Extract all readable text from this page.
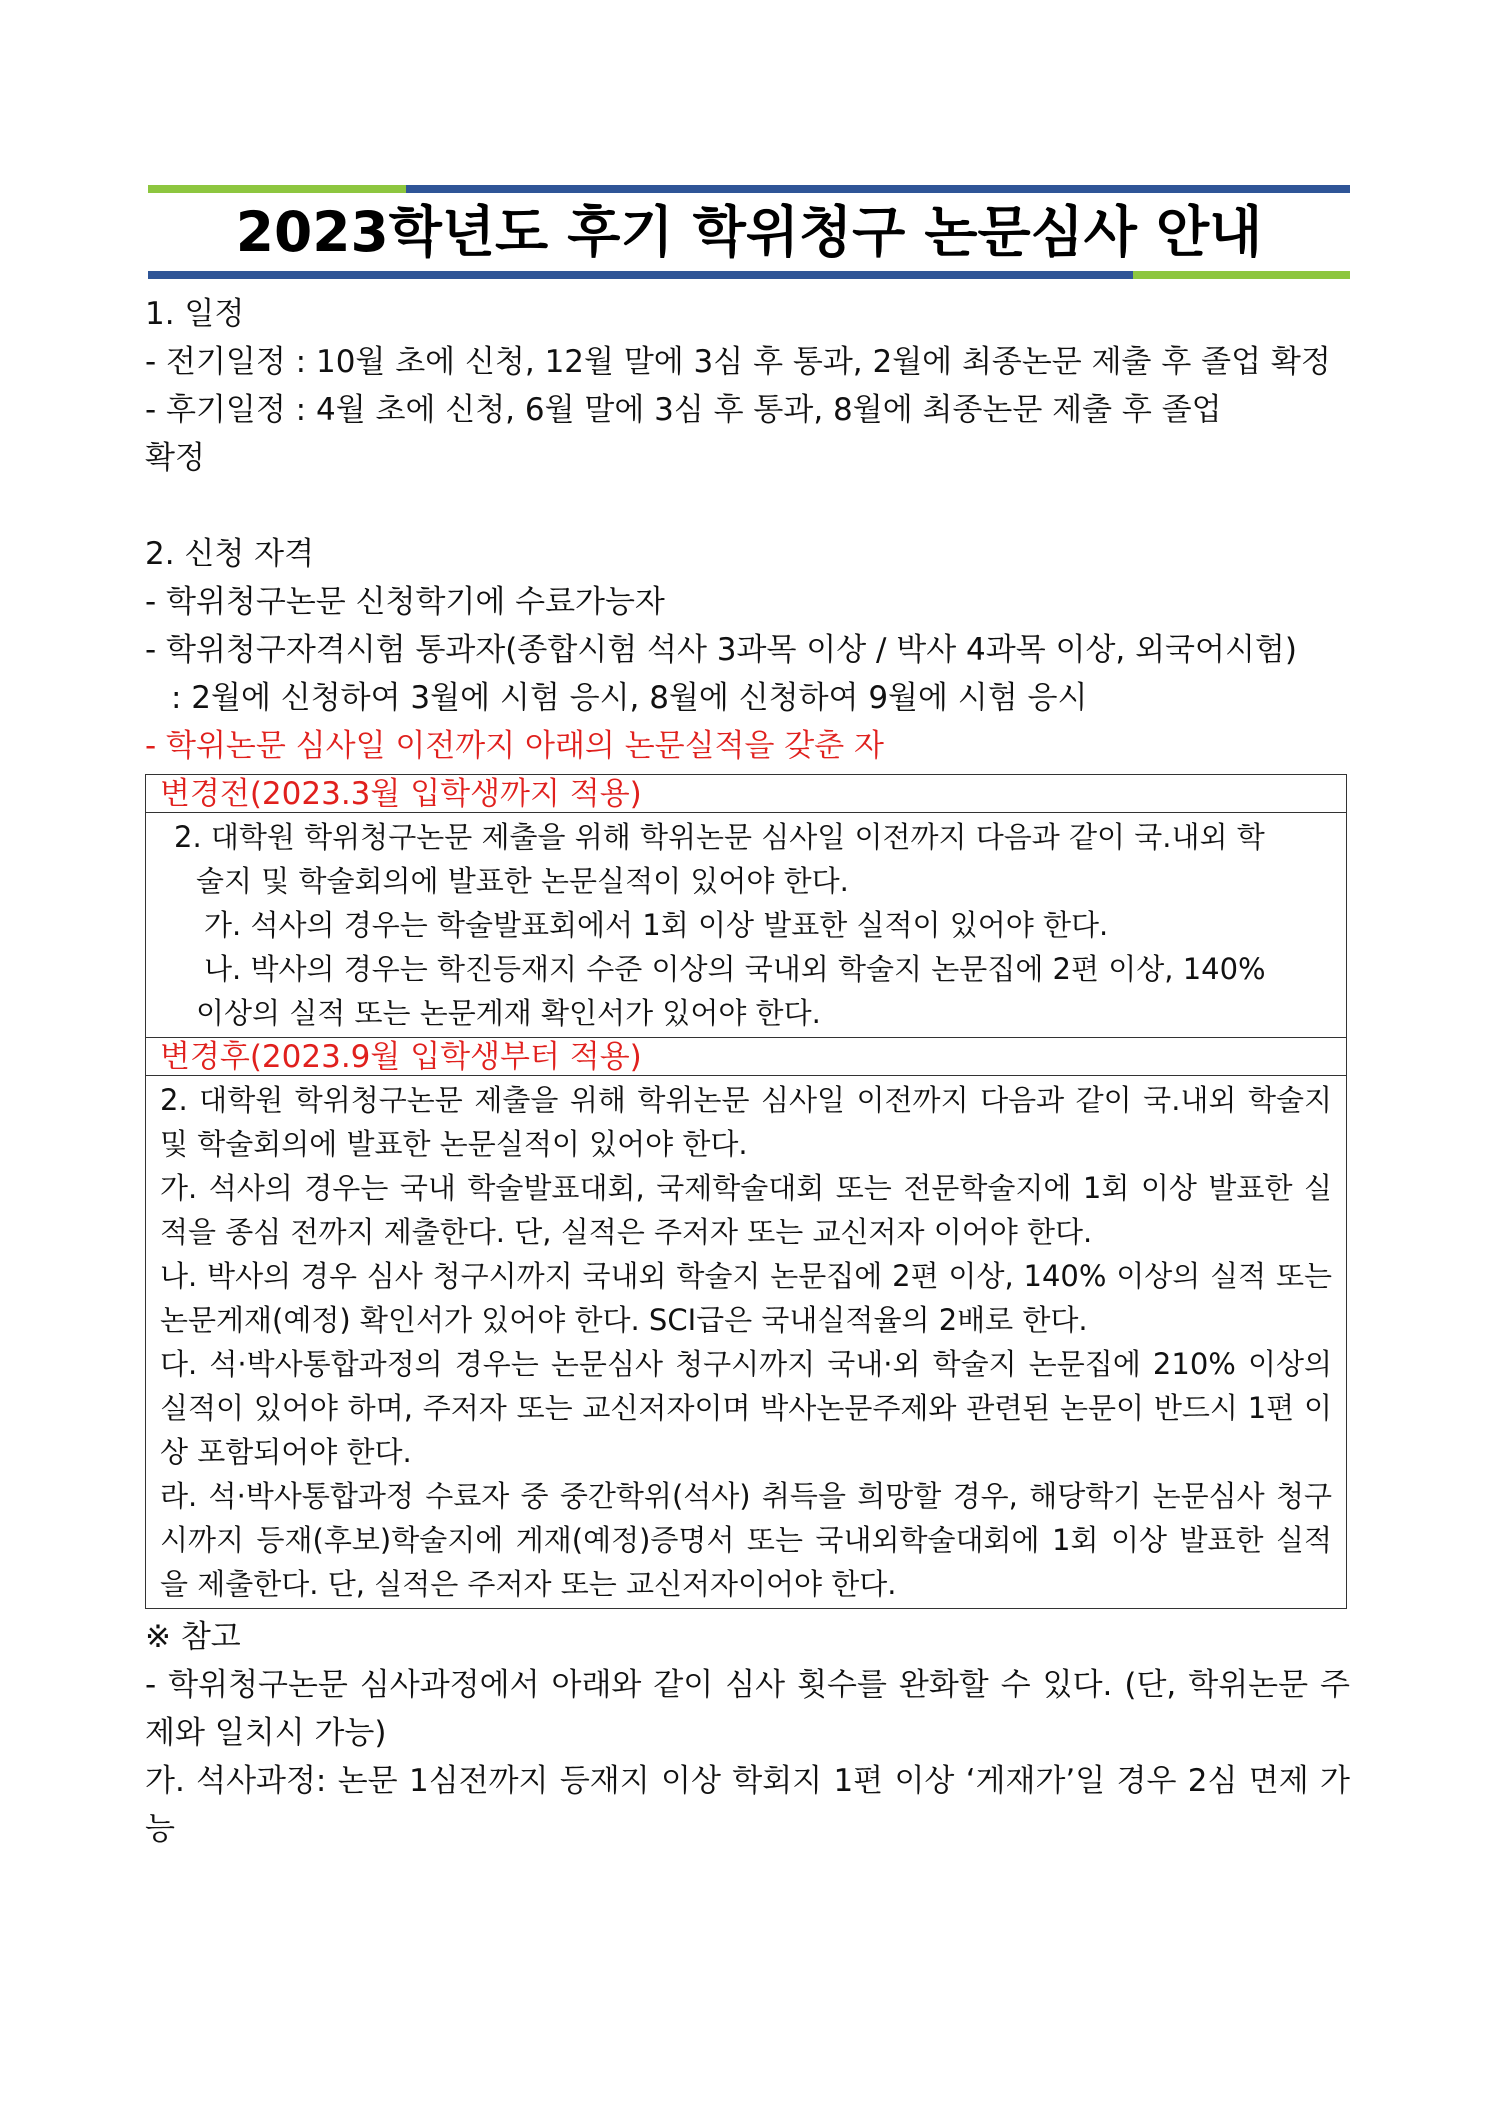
2023학년도 후기 학위청구 논문심사 안내

1. 일정

- 전기일정 : 10월 초에 신청, 12월 말에 3심 후 통과, 2월에 최종논문 제출 후 졸업 확정

- 후기일정 : 4월 초에 신청, 6월 말에 3심 후 통과, 8월에 최종논문 제출 후 졸업

확정

2. 신청 자격

- 학위청구논문 신청학기에 수료가능자

- 학위청구자격시험 통과자(종합시험 석사 3과목 이상 / 박사 4과목 이상, 외국어시험)

: 2월에 신청하여 3월에 시험 응시, 8월에 신청하여 9월에 시험 응시

- 학위논문 심사일 이전까지 아래의 논문실적을 갖춘 자

변경전(2023.3월 입학생까지 적용)

2. 대학원 학위청구논문 제출을 위해 학위논문 심사일 이전까지 다음과 같이 국.내외 학

술지 및 학술회의에 발표한 논문실적이 있어야 한다.

가. 석사의 경우는 학술발표회에서 1회 이상 발표한 실적이 있어야 한다.

나. 박사의 경우는 학진등재지 수준 이상의 국내외 학술지 논문집에 2편 이상, 140%

이상의 실적 또는 논문게재 확인서가 있어야 한다.

변경후(2023.9월 입학생부터 적용)

2. 대학원 학위청구논문 제출을 위해 학위논문 심사일 이전까지 다음과 같이 국.내외 학술지 및 학술회의에 발표한 논문실적이 있어야 한다.

가. 석사의 경우는 국내 학술발표대회, 국제학술대회 또는 전문학술지에 1회 이상 발표한 실적을 종심 전까지 제출한다. 단, 실적은 주저자 또는 교신저자 이어야 한다.

나. 박사의 경우 심사 청구시까지 국내외 학술지 논문집에 2편 이상, 140% 이상의 실적 또는 논문게재(예정) 확인서가 있어야 한다. SCI급은 국내실적율의 2배로 한다.

다. 석·박사통합과정의 경우는 논문심사 청구시까지 국내·외 학술지 논문집에 210% 이상의 실적이 있어야 하며, 주저자 또는 교신저자이며 박사논문주제와 관련된 논문이 반드시 1편 이상 포함되어야 한다.

라. 석·박사통합과정 수료자 중 중간학위(석사) 취득을 희망할 경우, 해당학기 논문심사 청구시까지 등재(후보)학술지에 게재(예정)증명서 또는 국내외학술대회에 1회 이상 발표한 실적을 제출한다. 단, 실적은 주저자 또는 교신저자이어야 한다.

※ 참고

- 학위청구논문 심사과정에서 아래와 같이 심사 횟수를 완화할 수 있다. (단, 학위논문 주제와 일치시 가능)

가. 석사과정: 논문 1심전까지 등재지 이상 학회지 1편 이상 ‘게재가’일 경우 2심 면제 가능
